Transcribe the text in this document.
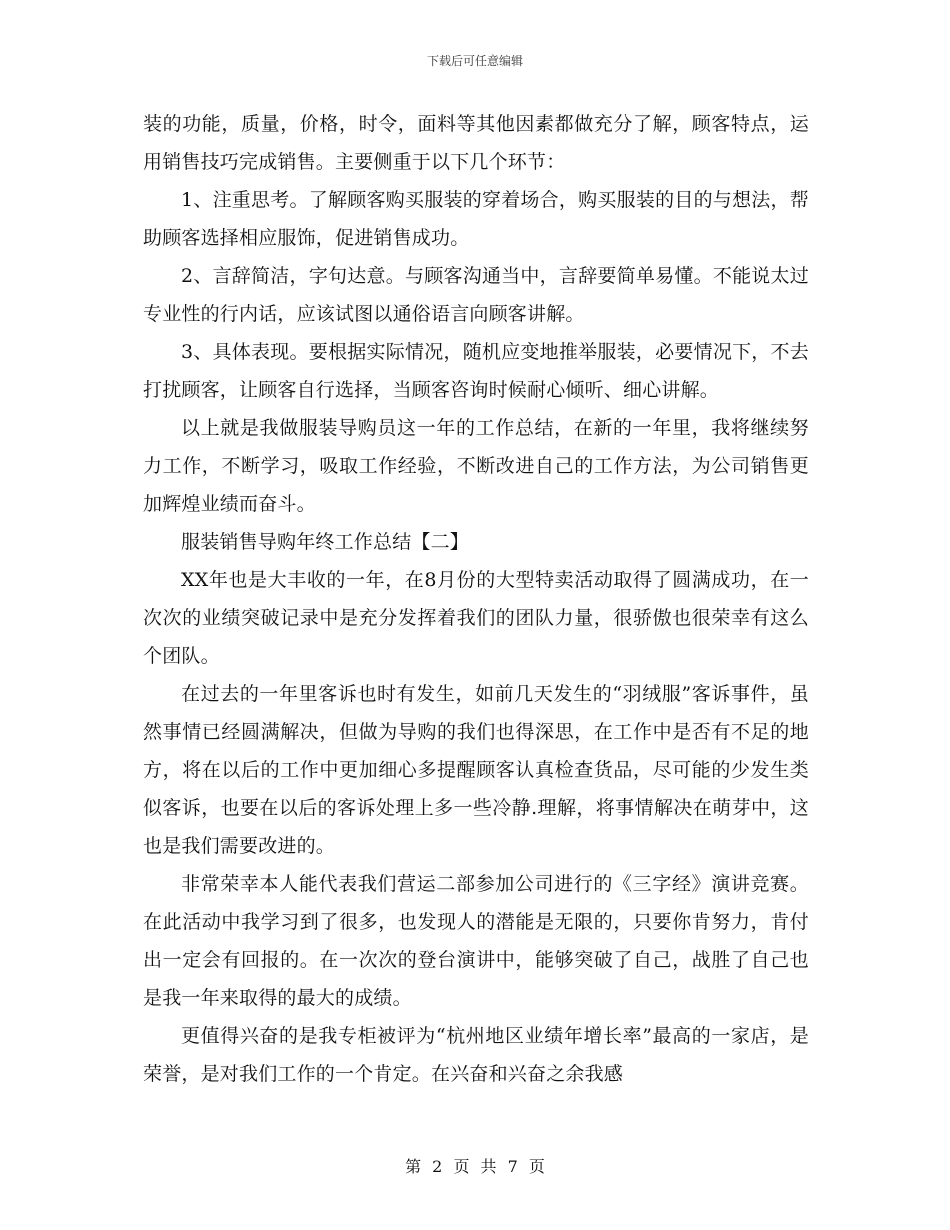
下载后可任意编辑

装的功能，质量，价格，时令，面料等其他因素都做充分了解，顾客特点，运用销售技巧完成销售。主要侧重于以下几个环节：

1、注重思考。了解顾客购买服装的穿着场合，购买服装的目的与想法，帮助顾客选择相应服饰，促进销售成功。

2、言辞简洁，字句达意。与顾客沟通当中，言辞要简单易懂。不能说太过专业性的行内话，应该试图以通俗语言向顾客讲解。

3、具体表现。要根据实际情况，随机应变地推举服装，必要情况下，不去打扰顾客，让顾客自行选择，当顾客咨询时候耐心倾听、细心讲解。

以上就是我做服装导购员这一年的工作总结，在新的一年里，我将继续努力工作，不断学习，吸取工作经验，不断改进自己的工作方法，为公司销售更加辉煌业绩而奋斗。

服装销售导购年终工作总结【二】

XX年也是大丰收的一年，在8月份的大型特卖活动取得了圆满成功，在一次次的业绩突破记录中是充分发挥着我们的团队力量，很骄傲也很荣幸有这么个团队。

在过去的一年里客诉也时有发生，如前几天发生的“羽绒服”客诉事件，虽然事情已经圆满解决，但做为导购的我们也得深思，在工作中是否有不足的地方，将在以后的工作中更加细心多提醒顾客认真检查货品，尽可能的少发生类似客诉，也要在以后的客诉处理上多一些冷静.理解，将事情解决在萌芽中，这也是我们需要改进的。

非常荣幸本人能代表我们营运二部参加公司进行的《三字经》演讲竞赛。在此活动中我学习到了很多，也发现人的潜能是无限的，只要你肯努力，肯付出一定会有回报的。在一次次的登台演讲中，能够突破了自己，战胜了自己也是我一年来取得的最大的成绩。

更值得兴奋的是我专柜被评为“杭州地区业绩年增长率”最高的一家店，是荣誉，是对我们工作的一个肯定。在兴奋和兴奋之余我感

第 2 页 共 7 页
